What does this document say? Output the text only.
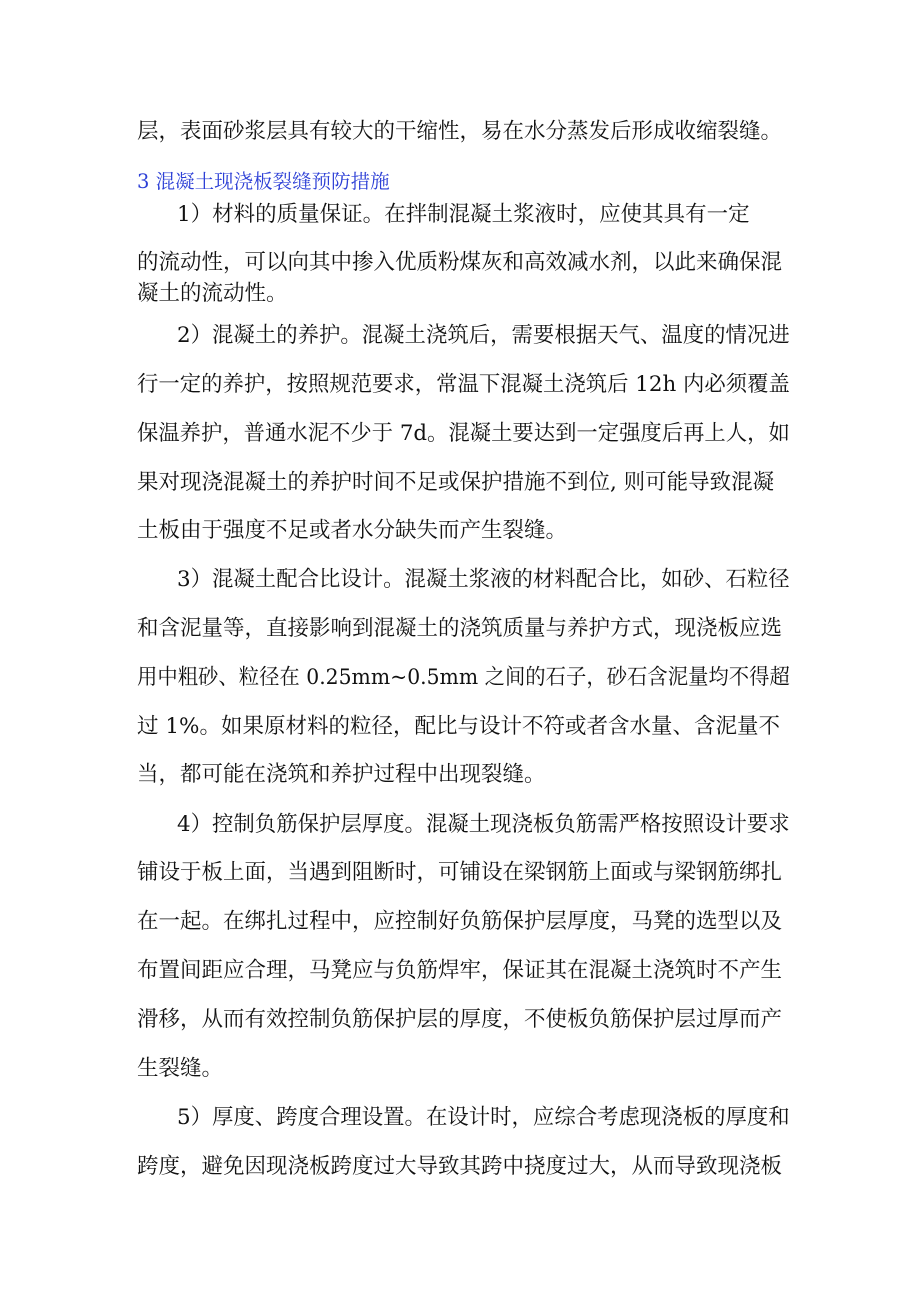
层，表面砂浆层具有较大的干缩性，易在水分蒸发后形成收缩裂缝。
3 混凝土现浇板裂缝预防措施
1）材料的质量保证。在拌制混凝土浆液时，应使其具有一定
的流动性，可以向其中掺入优质粉煤灰和高效减水剂，以此来确保混
凝土的流动性。
2）混凝土的养护。混凝土浇筑后，需要根据天气、温度的情况进
行一定的养护，按照规范要求，常温下混凝土浇筑后 12h 内必须覆盖
保温养护，普通水泥不少于 7d。混凝土要达到一定强度后再上人，如
果对现浇混凝土的养护时间不足或保护措施不到位, 则可能导致混凝
土板由于强度不足或者水分缺失而产生裂缝。
3）混凝土配合比设计。混凝土浆液的材料配合比，如砂、石粒径
和含泥量等，直接影响到混凝土的浇筑质量与养护方式，现浇板应选
用中粗砂、粒径在 0.25mm~0.5mm 之间的石子，砂石含泥量均不得超
过 1%。如果原材料的粒径，配比与设计不符或者含水量、含泥量不
当，都可能在浇筑和养护过程中出现裂缝。
4）控制负筋保护层厚度。混凝土现浇板负筋需严格按照设计要求
铺设于板上面，当遇到阻断时，可铺设在梁钢筋上面或与梁钢筋绑扎
在一起。在绑扎过程中，应控制好负筋保护层厚度，马凳的选型以及
布置间距应合理，马凳应与负筋焊牢，保证其在混凝土浇筑时不产生
滑移，从而有效控制负筋保护层的厚度，不使板负筋保护层过厚而产
生裂缝。
5）厚度、跨度合理设置。在设计时，应综合考虑现浇板的厚度和
跨度，避免因现浇板跨度过大导致其跨中挠度过大，从而导致现浇板
